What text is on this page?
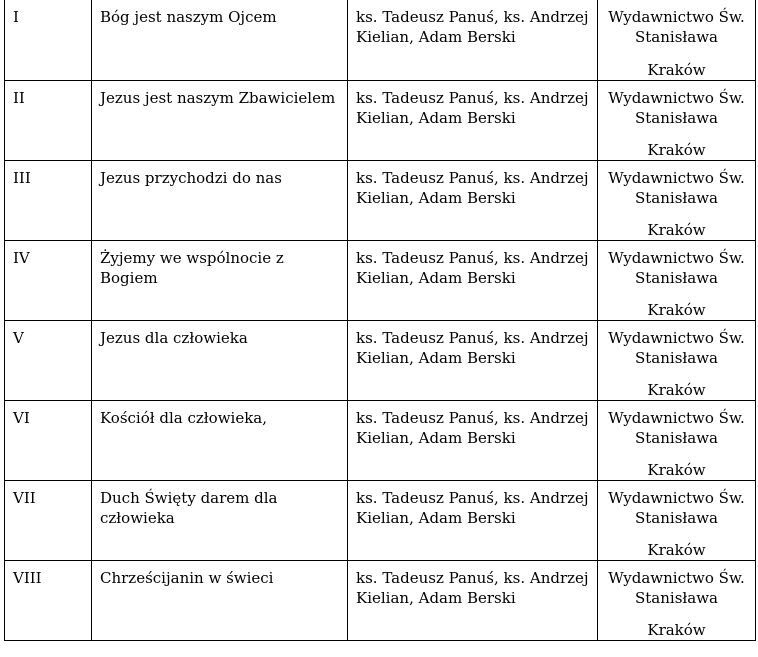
I	Bóg jest naszym Ojcem	ks. Tadeusz Panuś, ks. Andrzej Kielian, Adam Berski	Wydawnictwo Św. Stanisława
Kraków

II	Jezus jest naszym Zbawicielem	ks. Tadeusz Panuś, ks. Andrzej Kielian, Adam Berski	Wydawnictwo Św. Stanisława
Kraków

III	Jezus przychodzi do nas	ks. Tadeusz Panuś, ks. Andrzej Kielian, Adam Berski	Wydawnictwo Św. Stanisława
Kraków

IV	Żyjemy we wspólnocie z Bogiem	ks. Tadeusz Panuś, ks. Andrzej Kielian, Adam Berski	Wydawnictwo Św. Stanisława
Kraków

V	Jezus dla człowieka	ks. Tadeusz Panuś, ks. Andrzej Kielian, Adam Berski	Wydawnictwo Św. Stanisława
Kraków

VI	Kościół dla człowieka,	ks. Tadeusz Panuś, ks. Andrzej Kielian, Adam Berski	Wydawnictwo Św. Stanisława
Kraków

VII	Duch Święty darem dla człowieka	ks. Tadeusz Panuś, ks. Andrzej Kielian, Adam Berski	Wydawnictwo Św. Stanisława
Kraków

VIII	Chrześcijanin w świeci	ks. Tadeusz Panuś, ks. Andrzej Kielian, Adam Berski	Wydawnictwo Św. Stanisława
Kraków
